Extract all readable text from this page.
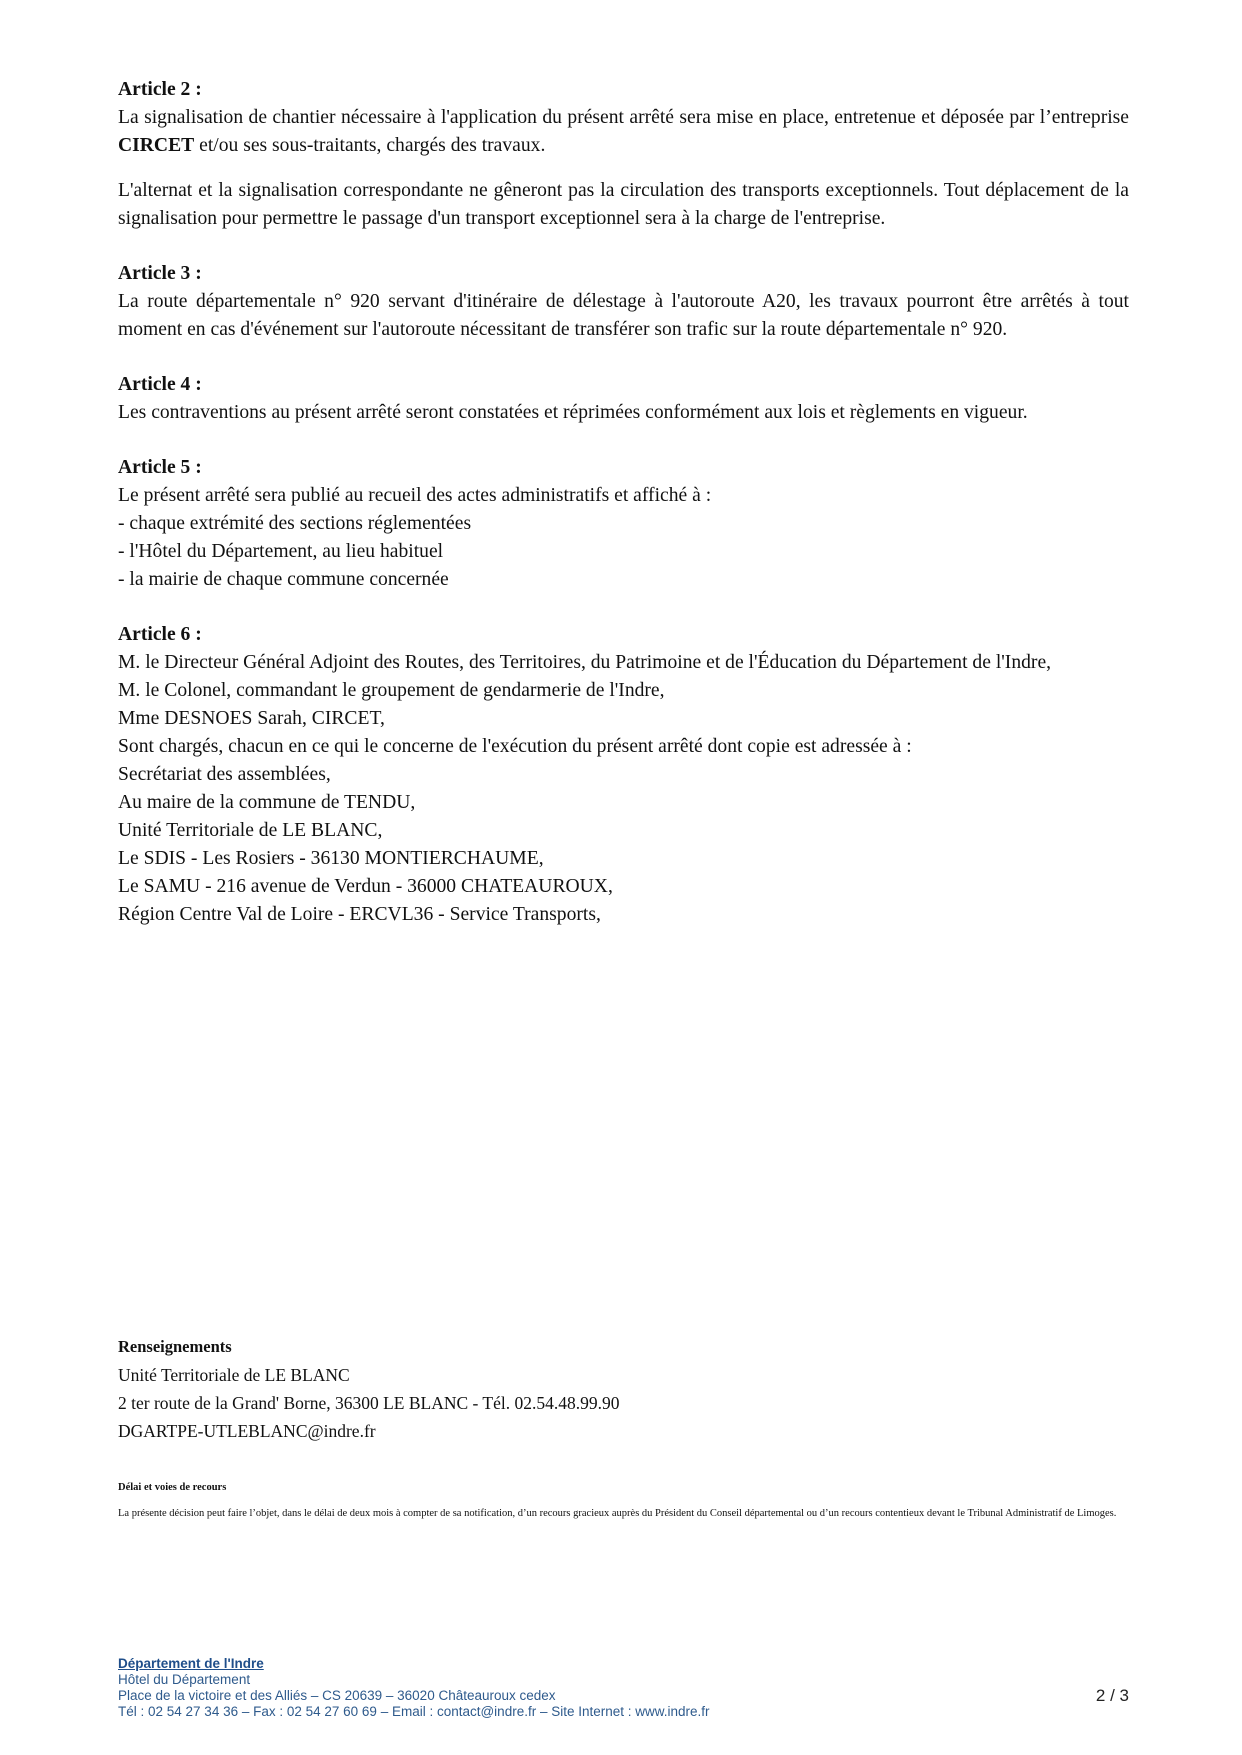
Article 2 :
La signalisation de chantier nécessaire à l'application du présent arrêté sera mise en place, entretenue et déposée par l’entreprise CIRCET et/ou ses sous-traitants, chargés des travaux.
L'alternat et la signalisation correspondante ne gêneront pas la circulation des transports exceptionnels. Tout déplacement de la signalisation pour permettre le passage d'un transport exceptionnel sera à la charge de l'entreprise.
Article 3 :
La route départementale n° 920 servant d'itinéraire de délestage à l'autoroute A20, les travaux pourront être arrêtés à tout moment en cas d'événement sur l'autoroute nécessitant de transférer son trafic sur la route départementale n° 920.
Article 4 :
Les contraventions au présent arrêté seront constatées et réprimées conformément aux lois et règlements en vigueur.
Article 5 :
Le présent arrêté sera publié au recueil des actes administratifs et affiché à :
- chaque extrémité des sections réglementées
- l'Hôtel du Département, au lieu habituel
- la mairie de chaque commune concernée
Article 6 :
M. le Directeur Général Adjoint des Routes, des Territoires, du Patrimoine et de l'Éducation du Département de l'Indre,
M. le Colonel, commandant le groupement de gendarmerie de l'Indre,
Mme DESNOES Sarah, CIRCET,
Sont chargés, chacun en ce qui le concerne de l'exécution du présent arrêté dont copie est adressée à :
Secrétariat des assemblées,
Au maire de la commune de TENDU,
Unité Territoriale de LE BLANC,
Le SDIS - Les Rosiers - 36130 MONTIERCHAUME,
Le SAMU - 216 avenue de Verdun - 36000 CHATEAUROUX,
Région Centre Val de Loire - ERCVL36 - Service Transports,
Renseignements
Unité Territoriale de LE BLANC
2 ter route de la Grand' Borne, 36300 LE BLANC - Tél. 02.54.48.99.90
DGARTPE-UTLEBLANC@indre.fr
Délai et voies de recours
La présente décision peut faire l’objet, dans le délai de deux mois à compter de sa notification, d’un recours gracieux auprès du Président du Conseil départemental ou d’un recours contentieux devant le Tribunal Administratif de Limoges.
Département de l'Indre
Hôtel du Département
Place de la victoire et des Alliés – CS 20639 – 36020 Châteauroux cedex
Tél : 02 54 27 34 36 – Fax : 02 54 27 60 69 – Email : contact@indre.fr – Site Internet : www.indre.fr
2 / 3
